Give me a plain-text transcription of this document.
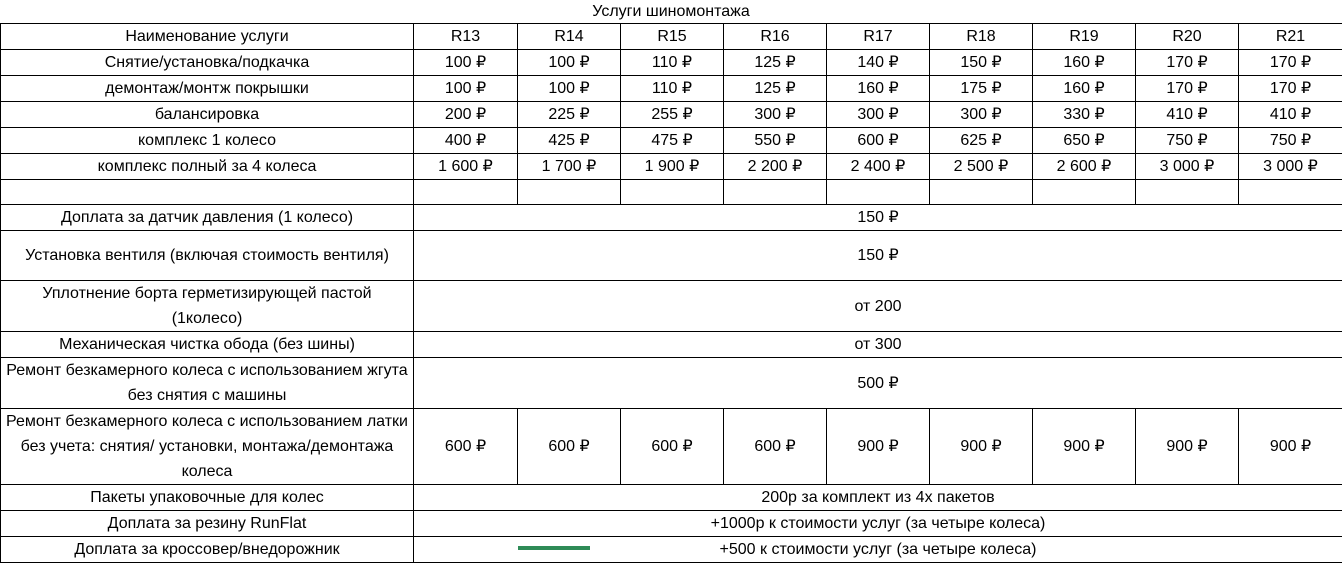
Услуги шиномонтажа
Наименование услуги	R13	R14	R15	R16	R17	R18	R19	R20	R21
Снятие/установка/подкачка	100 ₽	100 ₽	110 ₽	125 ₽	140 ₽	150 ₽	160 ₽	170 ₽	170 ₽
демонтаж/монтж покрышки	100 ₽	100 ₽	110 ₽	125 ₽	160 ₽	175 ₽	160 ₽	170 ₽	170 ₽
балансировка	200 ₽	225 ₽	255 ₽	300 ₽	300 ₽	300 ₽	330 ₽	410 ₽	410 ₽
комплекс 1 колесо	400 ₽	425 ₽	475 ₽	550 ₽	600 ₽	625 ₽	650 ₽	750 ₽	750 ₽
комплекс полный за 4 колеса	1 600 ₽	1 700 ₽	1 900 ₽	2 200 ₽	2 400 ₽	2 500 ₽	2 600 ₽	3 000 ₽	3 000 ₽

Доплата за датчик давления (1 колесо)	150 ₽								
Установка вентиля (включая стоимость вентиля)	150 ₽								
Уплотнение борта герметизирующей пастой (1колесо)	от 200								
Механическая чистка обода (без шины)	от 300								
Ремонт безкамерного колеса с использованием жгута без снятия с машины	500 ₽								
Ремонт безкамерного колеса с использованием латки без учета: снятия/ установки, монтажа/демонтажа колеса	600 ₽	600 ₽	600 ₽	600 ₽	900 ₽	900 ₽	900 ₽	900 ₽	900 ₽
Пакеты упаковочные для колес	200р за комплект из 4х пакетов								
Доплата за резину RunFlat	+1000р к стоимости услуг (за четыре колеса)								
Доплата за кроссовер/внедорожник	+500 к стоимости услуг (за четыре колеса)								
